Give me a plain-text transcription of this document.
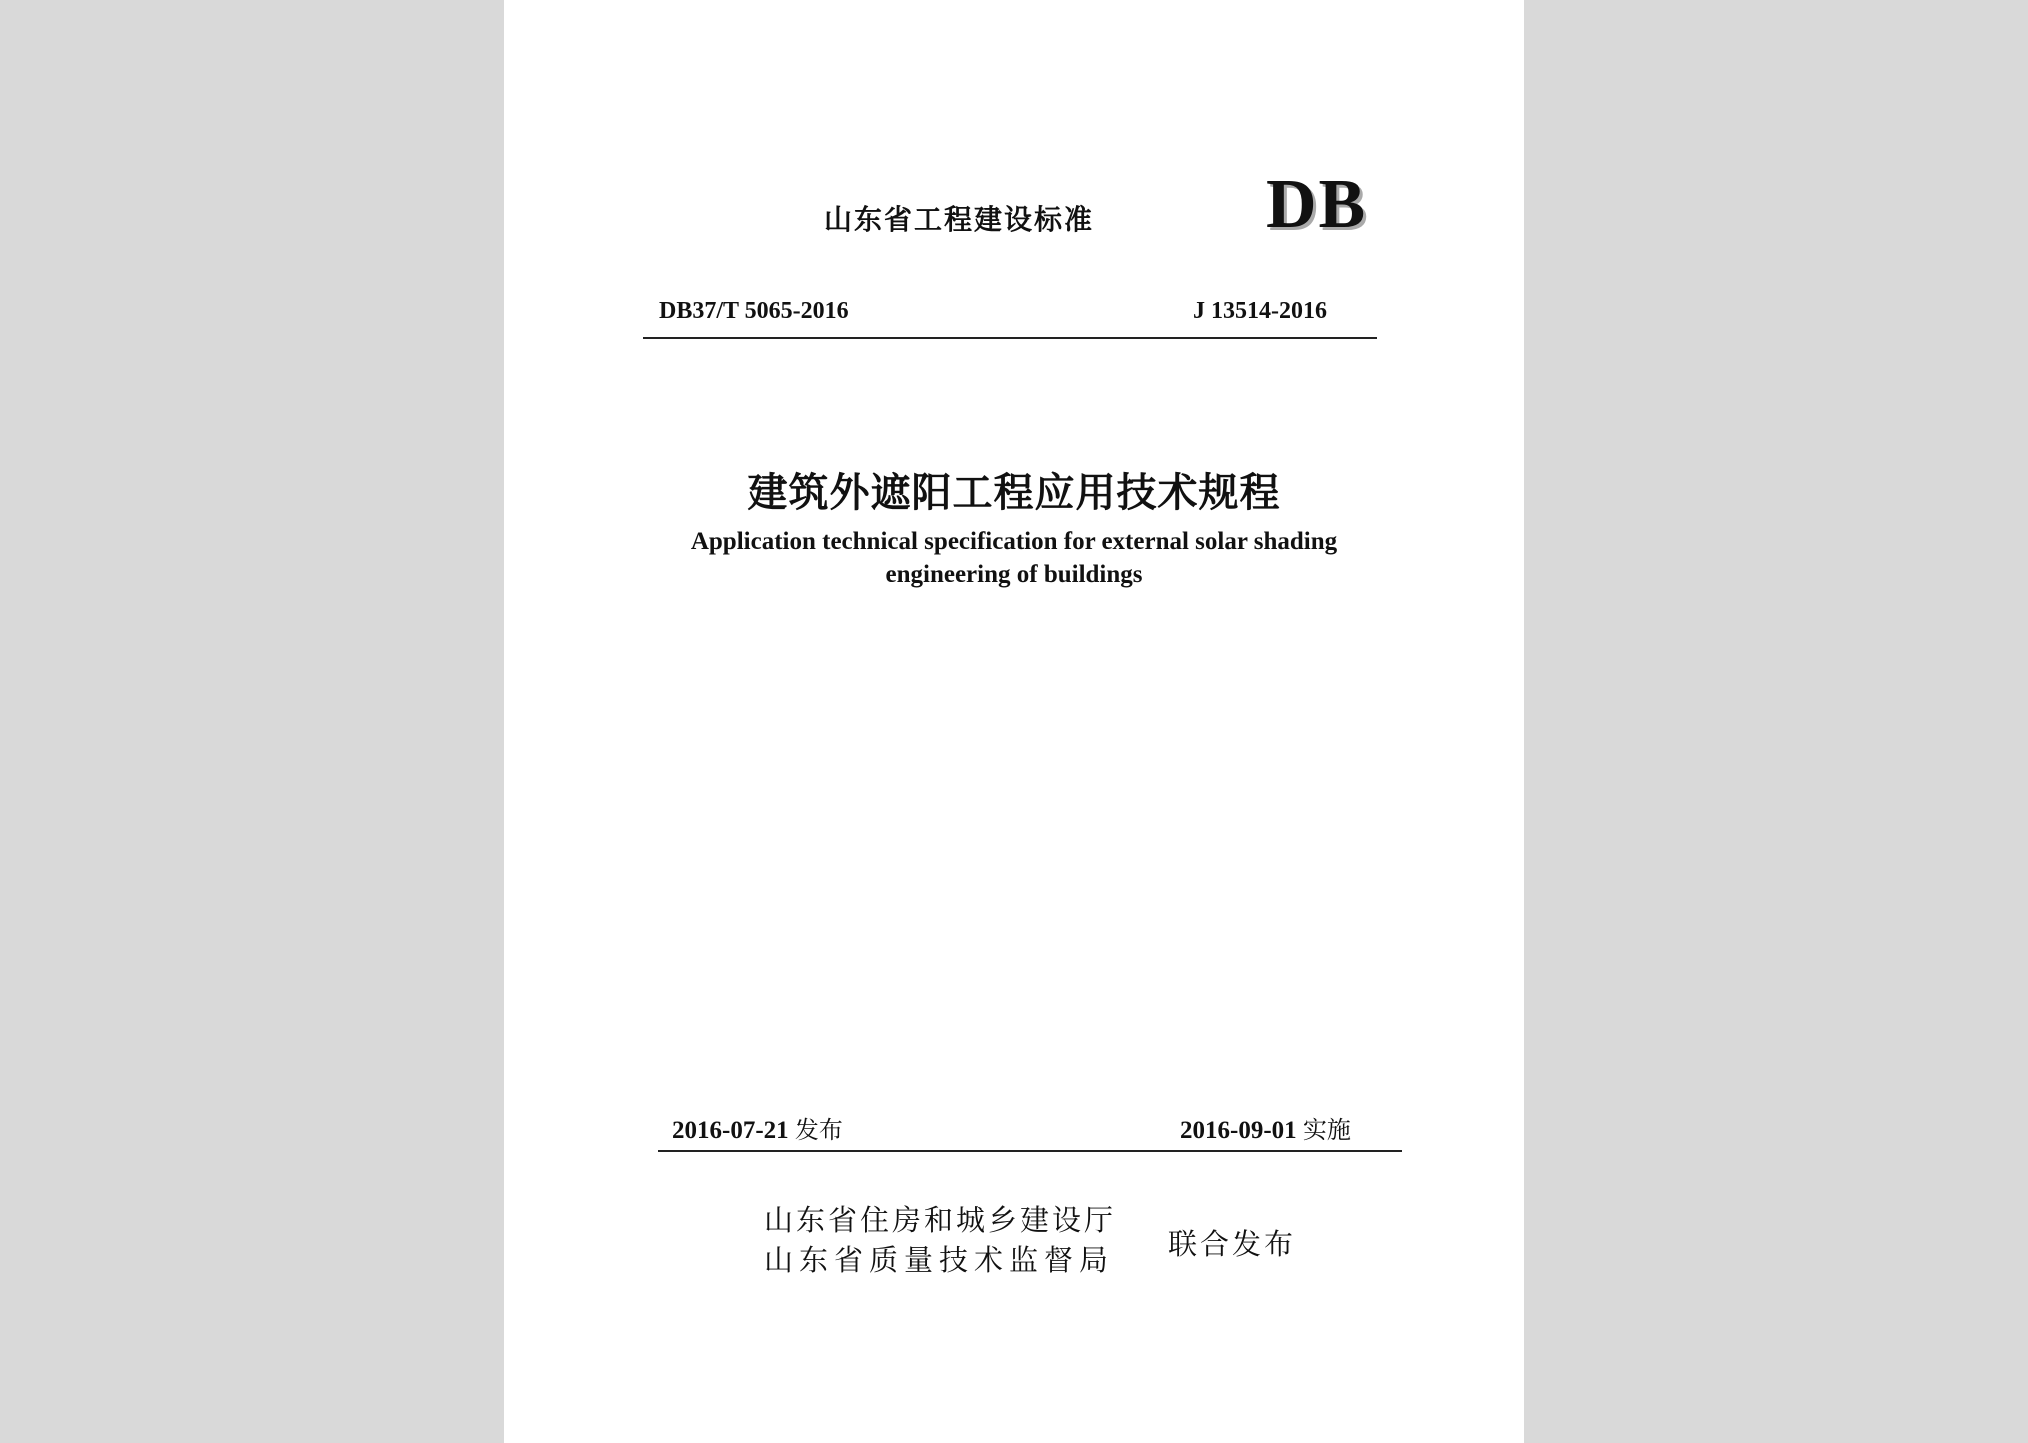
山东省工程建设标准 DB
DB37/T 5065-2016	J 13514-2016
建筑外遮阳工程应用技术规程
Application technical specification for external solar shading
engineering of buildings
2016-07-21 发布	2016-09-01 实施
山东省住房和城乡建设厅
山东省质量技术监督局 联合发布
